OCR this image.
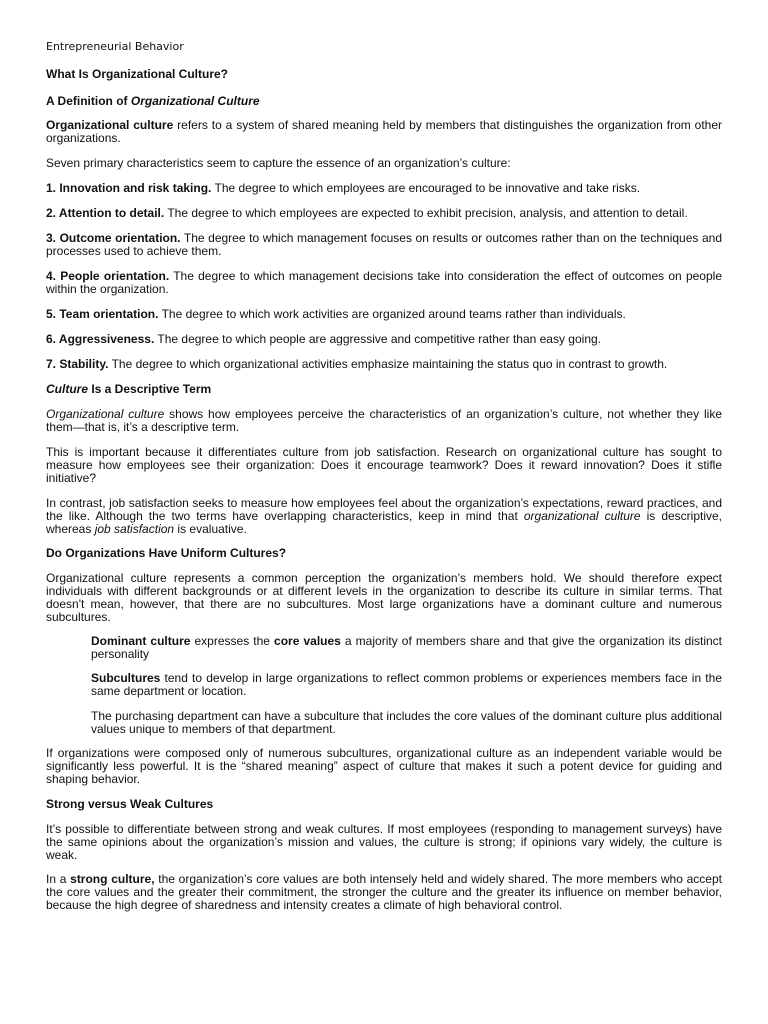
Entrepreneurial Behavior

What Is Organizational Culture?

A Definition of Organizational Culture

Organizational culture refers to a system of shared meaning held by members that distinguishes the organization from other organizations.

Seven primary characteristics seem to capture the essence of an organization’s culture:

1. Innovation and risk taking. The degree to which employees are encouraged to be innovative and take risks.

2. Attention to detail. The degree to which employees are expected to exhibit precision, analysis, and attention to detail.

3. Outcome orientation. The degree to which management focuses on results or outcomes rather than on the techniques and processes used to achieve them.

4. People orientation. The degree to which management decisions take into consideration the effect of outcomes on people within the organization.

5. Team orientation. The degree to which work activities are organized around teams rather than individuals.

6. Aggressiveness. The degree to which people are aggressive and competitive rather than easy going.

7. Stability. The degree to which organizational activities emphasize maintaining the status quo in contrast to growth.

Culture Is a Descriptive Term

Organizational culture shows how employees perceive the characteristics of an organization’s culture, not whether they like them—that is, it’s a descriptive term.

This is important because it differentiates culture from job satisfaction. Research on organizational culture has sought to measure how employees see their organization: Does it encourage teamwork? Does it reward innovation? Does it stifle initiative?

In contrast, job satisfaction seeks to measure how employees feel about the organization’s expectations, reward practices, and the like. Although the two terms have overlapping characteristics, keep in mind that organizational culture is descriptive, whereas job satisfaction is evaluative.

Do Organizations Have Uniform Cultures?

Organizational culture represents a common perception the organization’s members hold. We should therefore expect individuals with different backgrounds or at different levels in the organization to describe its culture in similar terms. That doesn't mean, however, that there are no subcultures. Most large organizations have a dominant culture and numerous subcultures.

Dominant culture expresses the core values a majority of members share and that give the organization its distinct personality

Subcultures tend to develop in large organizations to reflect common problems or experiences members face in the same department or location.

The purchasing department can have a subculture that includes the core values of the dominant culture plus additional values unique to members of that department.

If organizations were composed only of numerous subcultures, organizational culture as an independent variable would be significantly less powerful. It is the “shared meaning” aspect of culture that makes it such a potent device for guiding and shaping behavior.

Strong versus Weak Cultures

It’s possible to differentiate between strong and weak cultures. If most employees (responding to management surveys) have the same opinions about the organization’s mission and values, the culture is strong; if opinions vary widely, the culture is weak.

In a strong culture, the organization’s core values are both intensely held and widely shared. The more members who accept the core values and the greater their commitment, the stronger the culture and the greater its influence on member behavior, because the high degree of sharedness and intensity creates a climate of high behavioral control.
